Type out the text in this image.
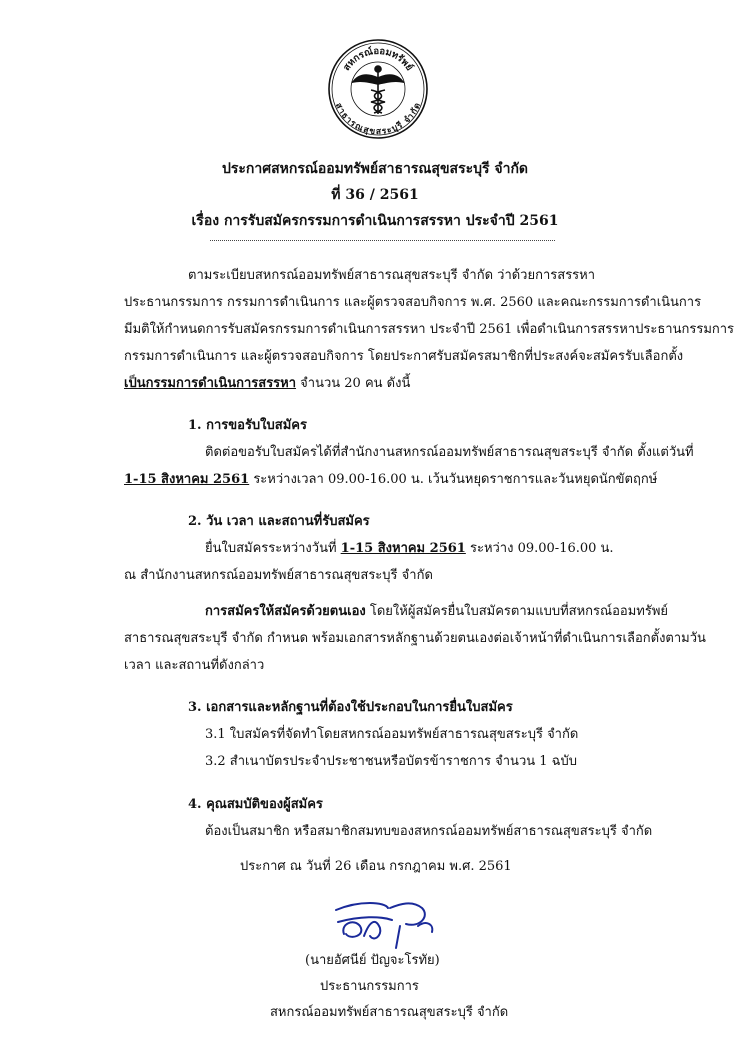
สหกรณ์ออมทรัพย์
สาธารณสุขสระบุรี จำกัด
ประกาศสหกรณ์ออมทรัพย์สาธารณสุขสระบุรี จำกัด
ที่ 36 / 2561
เรื่อง การรับสมัครกรรมการดำเนินการสรรหา ประจำปี 2561
ตามระเบียบสหกรณ์ออมทรัพย์สาธารณสุขสระบุรี จำกัด ว่าด้วยการสรรหา
ประธานกรรมการ กรรมการดำเนินการ และผู้ตรวจสอบกิจการ พ.ศ. 2560 และคณะกรรมการดำเนินการ
มีมติให้กำหนดการรับสมัครกรรมการดำเนินการสรรหา ประจำปี 2561 เพื่อดำเนินการสรรหาประธานกรรมการ
กรรมการดำเนินการ และผู้ตรวจสอบกิจการ โดยประกาศรับสมัครสมาชิกที่ประสงค์จะสมัครรับเลือกตั้ง
เป็นกรรมการดำเนินการสรรหา จำนวน 20 คน ดังนี้
1. การขอรับใบสมัคร
ติดต่อขอรับใบสมัครได้ที่สำนักงานสหกรณ์ออมทรัพย์สาธารณสุขสระบุรี จำกัด ตั้งแต่วันที่
1-15 สิงหาคม 2561 ระหว่างเวลา 09.00-16.00 น. เว้นวันหยุดราชการและวันหยุดนักขัตฤกษ์
2. วัน เวลา และสถานที่รับสมัคร
ยื่นใบสมัครระหว่างวันที่ 1-15 สิงหาคม 2561 ระหว่าง 09.00-16.00 น.
ณ สำนักงานสหกรณ์ออมทรัพย์สาธารณสุขสระบุรี จำกัด
การสมัครให้สมัครด้วยตนเอง โดยให้ผู้สมัครยื่นใบสมัครตามแบบที่สหกรณ์ออมทรัพย์
สาธารณสุขสระบุรี จำกัด กำหนด พร้อมเอกสารหลักฐานด้วยตนเองต่อเจ้าหน้าที่ดำเนินการเลือกตั้งตามวัน
เวลา และสถานที่ดังกล่าว
3. เอกสารและหลักฐานที่ต้องใช้ประกอบในการยื่นใบสมัคร
3.1 ใบสมัครที่จัดทำโดยสหกรณ์ออมทรัพย์สาธารณสุขสระบุรี จำกัด
3.2 สำเนาบัตรประจำประชาชนหรือบัตรข้าราชการ จำนวน 1 ฉบับ
4. คุณสมบัติของผู้สมัคร
ต้องเป็นสมาชิก หรือสมาชิกสมทบของสหกรณ์ออมทรัพย์สาธารณสุขสระบุรี จำกัด
ประกาศ ณ วันที่ 26 เดือน กรกฎาคม พ.ศ. 2561
(นายอัศนีย์ ปัญจะโรทัย)
ประธานกรรมการ
สหกรณ์ออมทรัพย์สาธารณสุขสระบุรี จำกัด
